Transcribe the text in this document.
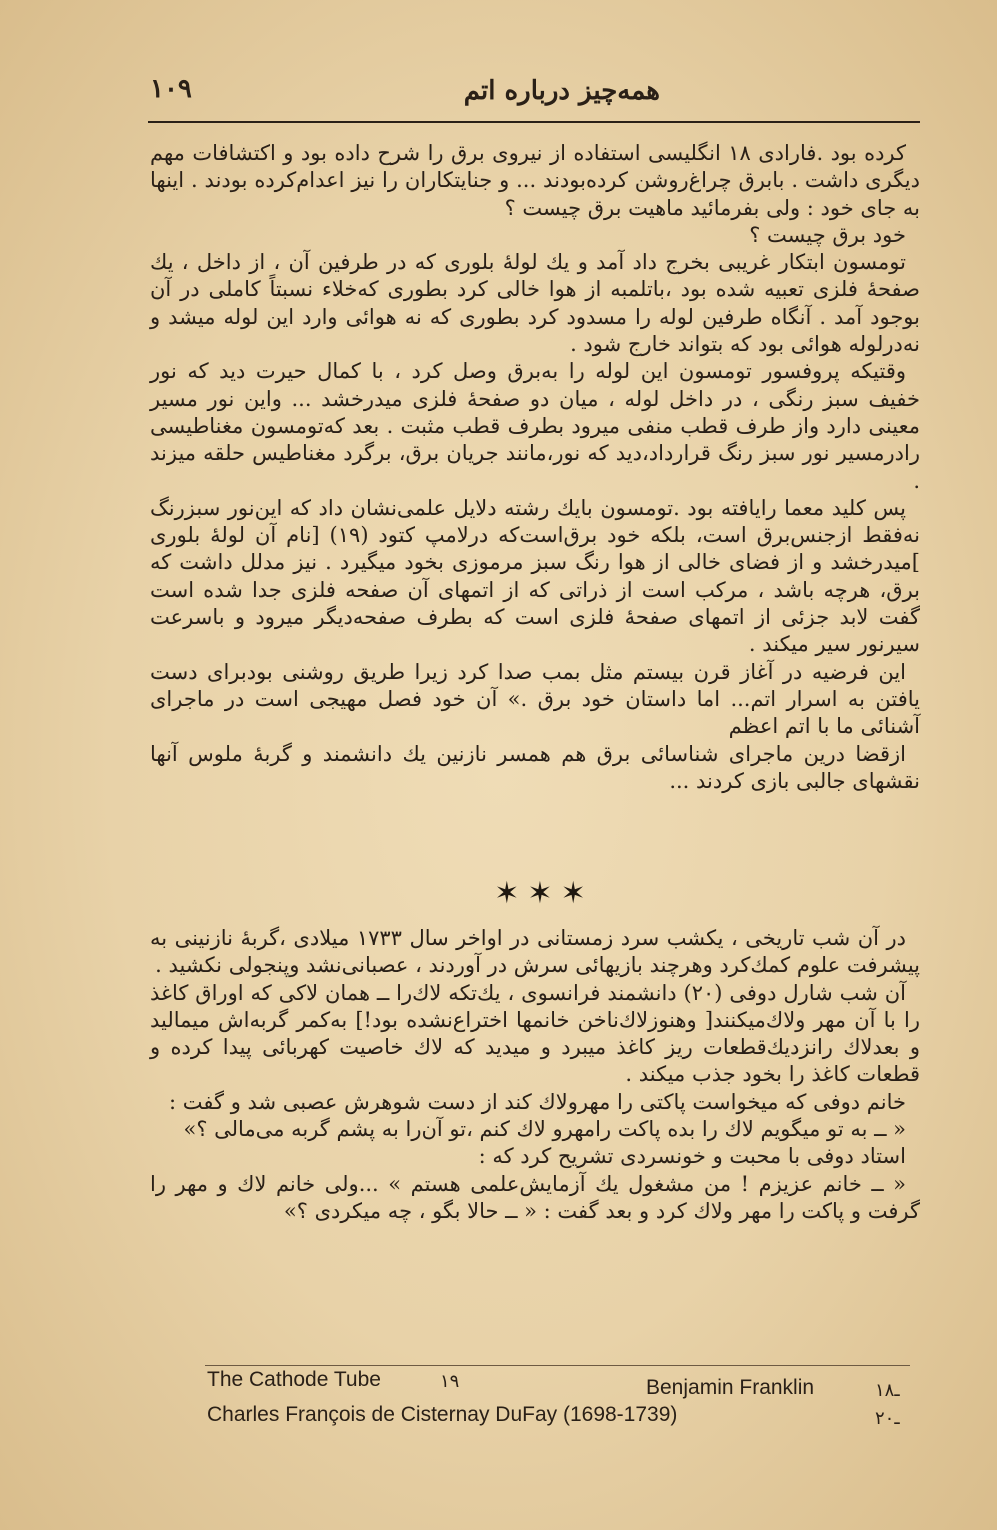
همه‌چیز درباره اتم
۱۰۹

کرده بود .فارادی ۱۸ انگلیسی استفاده از نیروی برق را شرح داده بود و اکتشافات مهم دیگری داشت . بابرق چراغ‌روشن کرده‌بودند ... و جنایتکاران را نیز اعدام‌کرده بودند . اینها به جای خود : ولی بفرمائید ماهیت برق چیست ؟

خود برق چیست ؟

تومسون ابتکار غریبی بخرج داد آمد و یك لولهٔ بلوری که در طرفین آن ، از داخل ، یك صفحهٔ فلزی تعبیه شده بود ،باتلمبه از هوا خالی کرد بطوری که‌خلاء نسبتاً کاملی در آن بوجود آمد . آنگاه طرفین لوله را مسدود کرد بطوری که نه هوائی وارد این لوله میشد و نه‌درلوله هوائی بود که بتواند خارج شود .

وقتیکه پروفسور تومسون این لوله را به‌برق وصل کرد ، با کمال حیرت دید که نور خفیف سبز رنگی ، در داخل لوله ، میان دو صفحهٔ فلزی میدرخشد ... واین نور مسیر معینی دارد واز طرف قطب منفی میرود بطرف قطب مثبت . بعد که‌تومسون مغناطیسی رادرمسیر نور سبز رنگ قرارداد،دید که نور،مانند جریان برق، برگرد مغناطیس حلقه میزند .

پس کلید معما رایافته بود .تومسون بایك رشته دلایل علمی‌نشان داد که این‌نور سبزرنگ نه‌فقط ازجنس‌برق است، بلکه خود برق‌است‌که درلامپ کتود (۱۹) [نام آن لولهٔ بلوری ]میدرخشد و از فضای خالی از هوا رنگ سبز مرموزی بخود میگیرد . نیز مدلل داشت که برق، هرچه باشد ، مرکب است از ذراتی که از اتمهای آن صفحه فلزی جدا شده است گفت لابد جزئی از اتمهای صفحهٔ فلزی است که بطرف صفحه‌دیگر میرود و باسرعت سیرنور سیر میکند .

این فرضیه در آغاز قرن بیستم مثل بمب صدا کرد زیرا طریق روشنی بود‌برای دست یافتن به اسرار اتم... اما داستان خود برق .» آن خود فصل مهیجی است در ماجرای آشنائی ما با اتم اعظم

ازقضا درین ماجرای شناسائی برق هم همسر نازنین یك دانشمند و گربهٔ ملوس آنها نقشهای جالبی بازی کردند ...

✶ ✶ ✶

در آن شب تاریخی ، یکشب سرد زمستانی در اواخر سال ۱۷۳۳ میلادی ،گربهٔ نازنینی به پیشرفت علوم کمك‌کرد وهرچند بازیهائی سرش در آوردند ، عصبانی‌نشد وپنجولی نکشید .

آن شب شارل دوفی (۲۰) دانشمند فرانسوی ، یك‌تکه لاك‌را ــ همان لاکی که اوراق کاغذ را با آن مهر ولاك‌میکنند[ وهنوزلاك‌ناخن خانمها اختراع‌نشده بود!] به‌کمر گربه‌اش میمالید و بعدلاك رانزدیك‌قطعات ریز کاغذ میبرد و میدید که لاك خاصیت کهربائی پیدا کرده و قطعات کاغذ را بخود جذب میکند .

خانم دوفی که میخواست پاکتی را مهرولاك کند از دست شوهرش عصبی شد و گفت :

« ــ به تو میگویم لاك را بده پاکت رامهرو لاك کنم ،تو آن‌را به پشم گربه می‌مالی ؟»

استاد دوفی با محبت و خونسردی تشریح کرد که :

« ــ خانم عزیزم ! من مشغول یك آزمایش‌علمی هستم » ...ولی خانم لاك و مهر را گرفت و پاکت را مهر ولاك کرد و بعد گفت : « ــ حالا بگو ، چه میکردی ؟»

The Cathode Tube	۱۹	Benjamin Franklin	ـ۱۸
Charles François de Cisternay DuFay (1698-1739)	ـ۲۰
